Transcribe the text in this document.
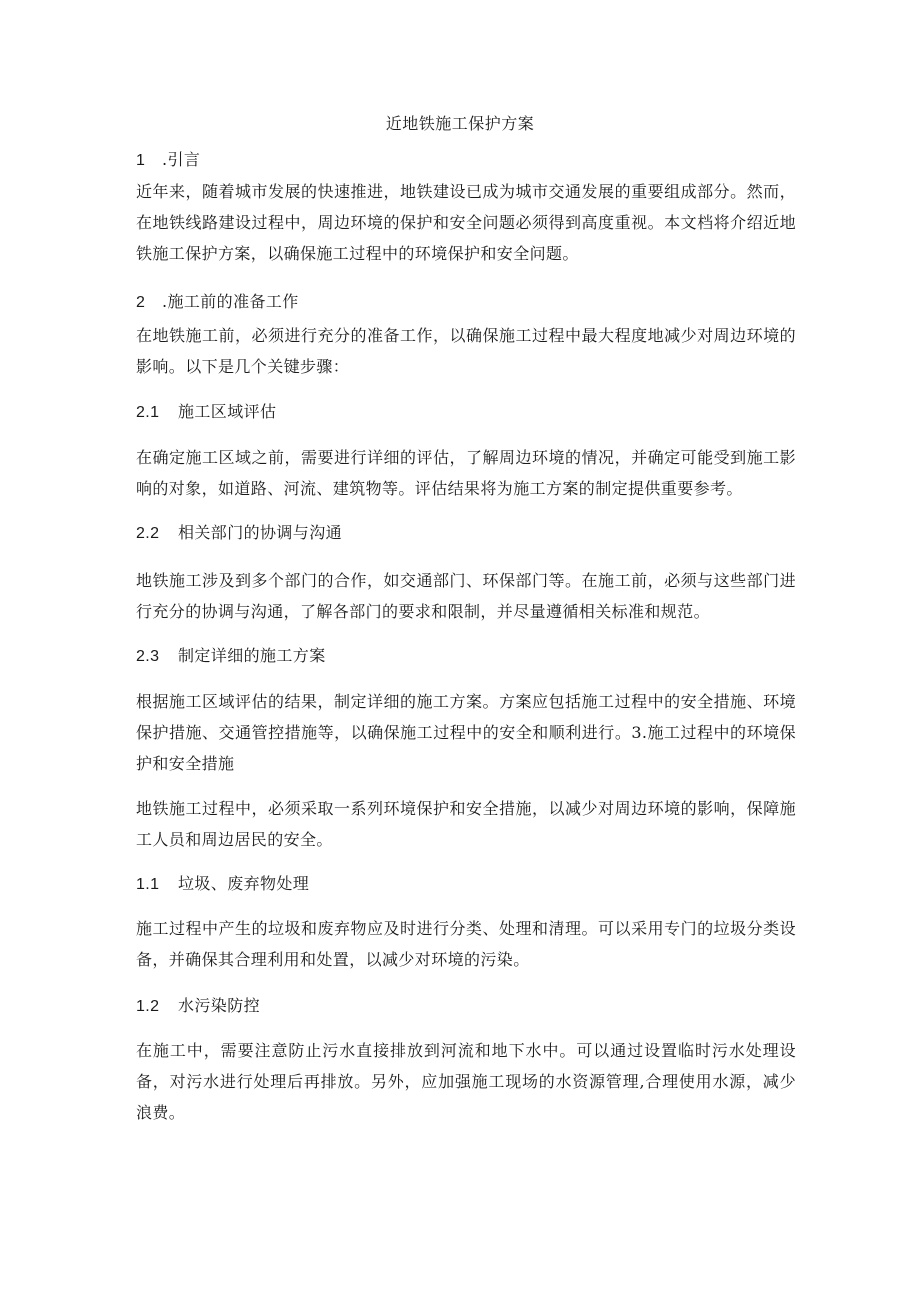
近地铁施工保护方案
1 .引言
近年来，随着城市发展的快速推进，地铁建设已成为城市交通发展的重要组成部分。然而，在地铁线路建设过程中，周边环境的保护和安全问题必须得到高度重视。本文档将介绍近地铁施工保护方案，以确保施工过程中的环境保护和安全问题。
2 .施工前的准备工作
在地铁施工前，必须进行充分的准备工作，以确保施工过程中最大程度地减少对周边环境的影响。以下是几个关键步骤：
2.1 施工区域评估
在确定施工区域之前，需要进行详细的评估，了解周边环境的情况，并确定可能受到施工影响的对象，如道路、河流、建筑物等。评估结果将为施工方案的制定提供重要参考。
2.2 相关部门的协调与沟通
地铁施工涉及到多个部门的合作，如交通部门、环保部门等。在施工前，必须与这些部门进行充分的协调与沟通，了解各部门的要求和限制，并尽量遵循相关标准和规范。
2.3 制定详细的施工方案
根据施工区域评估的结果，制定详细的施工方案。方案应包括施工过程中的安全措施、环境保护措施、交通管控措施等，以确保施工过程中的安全和顺利进行。3.施工过程中的环境保护和安全措施
地铁施工过程中，必须采取一系列环境保护和安全措施，以减少对周边环境的影响，保障施工人员和周边居民的安全。
1.1 垃圾、废弃物处理
施工过程中产生的垃圾和废弃物应及时进行分类、处理和清理。可以采用专门的垃圾分类设备，并确保其合理利用和处置，以减少对环境的污染。
1.2 水污染防控
在施工中，需要注意防止污水直接排放到河流和地下水中。可以通过设置临时污水处理设备，对污水进行处理后再排放。另外，应加强施工现场的水资源管理,合理使用水源，减少浪费。
